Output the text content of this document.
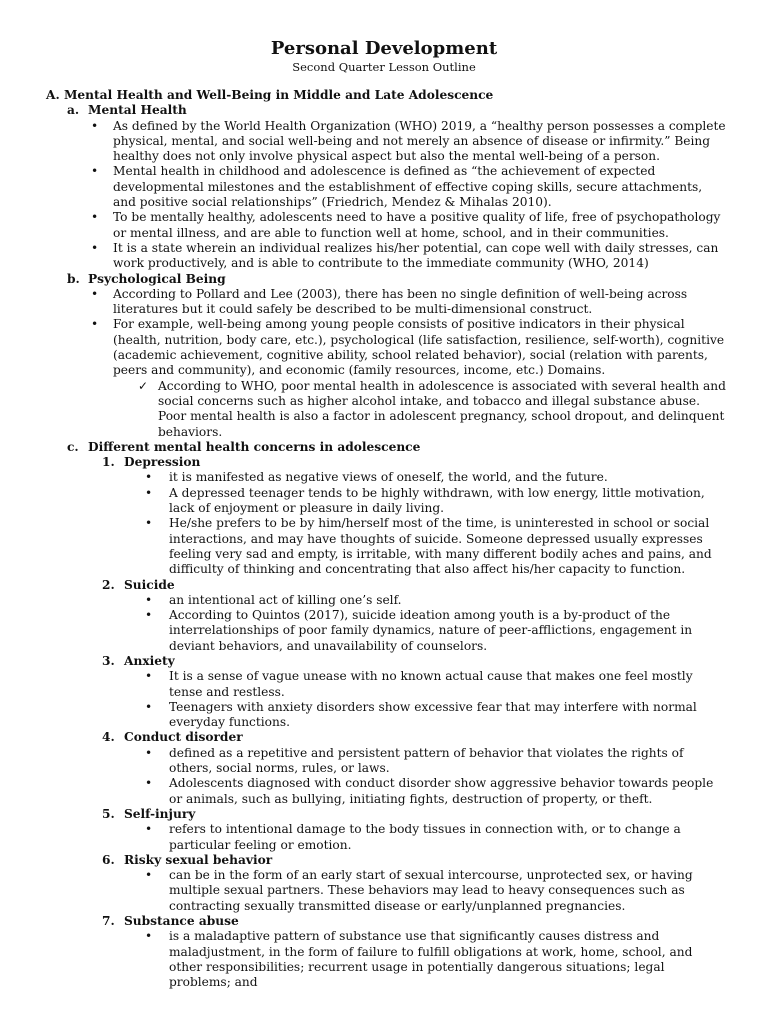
Personal Development
Second Quarter Lesson Outline
A. Mental Health and Well-Being in Middle and Late Adolescence
a. Mental Health
• As defined by the World Health Organization (WHO) 2019, a “healthy person possesses a complete physical, mental, and social well-being and not merely an absence of disease or infirmity.” Being healthy does not only involve physical aspect but also the mental well-being of a person.
• Mental health in childhood and adolescence is defined as “the achievement of expected developmental milestones and the establishment of effective coping skills, secure attachments, and positive social relationships” (Friedrich, Mendez & Mihalas 2010).
• To be mentally healthy, adolescents need to have a positive quality of life, free of psychopathology or mental illness, and are able to function well at home, school, and in their communities.
• It is a state wherein an individual realizes his/her potential, can cope well with daily stresses, can work productively, and is able to contribute to the immediate community (WHO, 2014)
b. Psychological Being
• According to Pollard and Lee (2003), there has been no single definition of well-being across literatures but it could safely be described to be multi-dimensional construct.
• For example, well-being among young people consists of positive indicators in their physical (health, nutrition, body care, etc.), psychological (life satisfaction, resilience, self-worth), cognitive (academic achievement, cognitive ability, school related behavior), social (relation with parents, peers and community), and economic (family resources, income, etc.) Domains.
✓ According to WHO, poor mental health in adolescence is associated with several health and social concerns such as higher alcohol intake, and tobacco and illegal substance abuse. Poor mental health is also a factor in adolescent pregnancy, school dropout, and delinquent behaviors.
c. Different mental health concerns in adolescence
1. Depression
• it is manifested as negative views of oneself, the world, and the future.
• A depressed teenager tends to be highly withdrawn, with low energy, little motivation, lack of enjoyment or pleasure in daily living.
• He/she prefers to be by him/herself most of the time, is uninterested in school or social interactions, and may have thoughts of suicide. Someone depressed usually expresses feeling very sad and empty, is irritable, with many different bodily aches and pains, and difficulty of thinking and concentrating that also affect his/her capacity to function.
2. Suicide
• an intentional act of killing one’s self.
• According to Quintos (2017), suicide ideation among youth is a by-product of the interrelationships of poor family dynamics, nature of peer-afflictions, engagement in deviant behaviors, and unavailability of counselors.
3. Anxiety
• It is a sense of vague unease with no known actual cause that makes one feel mostly tense and restless.
• Teenagers with anxiety disorders show excessive fear that may interfere with normal everyday functions.
4. Conduct disorder
• defined as a repetitive and persistent pattern of behavior that violates the rights of others, social norms, rules, or laws.
• Adolescents diagnosed with conduct disorder show aggressive behavior towards people or animals, such as bullying, initiating fights, destruction of property, or theft.
5. Self-injury
• refers to intentional damage to the body tissues in connection with, or to change a particular feeling or emotion.
6. Risky sexual behavior
• can be in the form of an early start of sexual intercourse, unprotected sex, or having multiple sexual partners. These behaviors may lead to heavy consequences such as contracting sexually transmitted disease or early/unplanned pregnancies.
7. Substance abuse
• is a maladaptive pattern of substance use that significantly causes distress and maladjustment, in the form of failure to fulfill obligations at work, home, school, and other responsibilities; recurrent usage in potentially dangerous situations; legal problems; and
